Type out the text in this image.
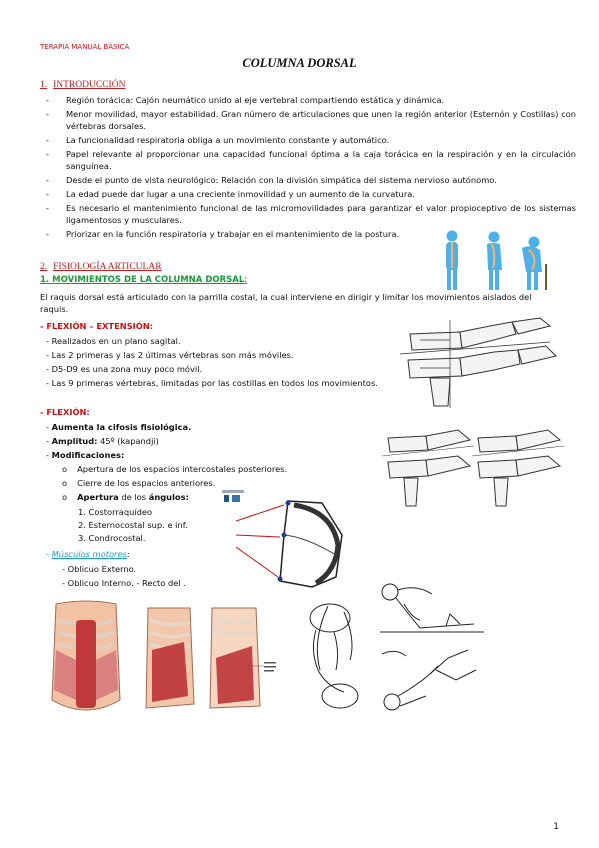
TERAPIA MANUAL BÁSICA
COLUMNA DORSAL
1. INTRODUCCIÓN
- Región torácica: Cajón neumático unido al eje vertebral compartiendo estática y dinámica.
- Menor movilidad, mayor estabilidad. Gran número de articulaciones que unen la región anterior (Esternón y Costillas) con vértebras dorsales.
- La funcionalidad respiratoria obliga a un movimiento constante y automático.
- Papel relevante al proporcionar una capacidad funcional óptima a la caja torácica en la respiración y en la circulación sanguínea.
- Desde el punto de vista neurológico: Relación con la división simpática del sistema nervioso autónomo.
- La edad puede dar lugar a una creciente inmovilidad y un aumento de la curvatura.
- Es necesario el mantenimiento funcional de las micromovilidades para garantizar el valor propioceptivo de los sistemas ligamentosos y musculares.
- Priorizar en la función respiratoria y trabajar en el mantenimiento de la postura.
2. FISIOLOGÍA ARTICULAR
1. MOVIMIENTOS DE LA COLUMNA DORSAL:
El raquis dorsal está articulado con la parrilla costal, la cual interviene en dirigir y limitar los movimientos aislados del raquis.
- FLEXIÓN – EXTENSIÓN:
- Realizados en un plano sagital.
- Las 2 primeras y las 2 últimas vértebras son más móviles.
- D5-D9 es una zona muy poco móvil.
- Las 9 primeras vértebras, limitadas por las costillas en todos los movimientos.
- FLEXIÓN:
- Aumenta la cifosis fisiológica.
- Amplitud: 45º (kapandji)
- Modificaciones:
o Apertura de los espacios intercostales posteriores.
o Cierre de los espacios anteriores.
o Apertura de los ángulos:
1. Costorraquídeo
2. Esternocostal sup. e inf.
3. Condrocostal.
- Músculos motores:
- Oblicuo Externo.
- Oblicuo Interno. - Recto del .
1
